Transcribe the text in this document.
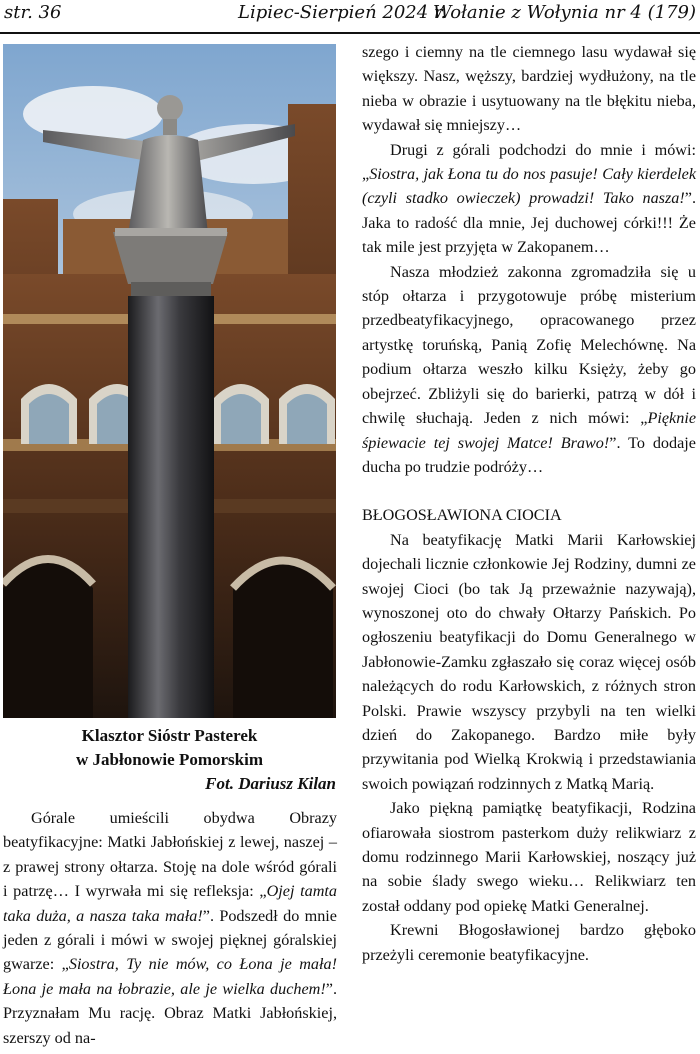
str. 36	Lipiec-Sierpień 2024 r.
Wołanie z Wołynia nr 4 (179)
Klasztor Sióstr Pasterek
w Jabłonowie Pomorskim
Fot. Dariusz Kilan

Górale umieścili obydwa Obrazy beatyfikacyjne: Matki Jabłońskiej z lewej, naszej – z prawej strony ołtarza. Stoję na dole wśród górali i patrzę… I wyrwała mi się refleksja: „Ojej tamta taka duża, a nasza taka mała!”. Podszedł do mnie jeden z górali i mówi w swojej pięknej góralskiej gwarze: „Siostra, Ty nie mów, co Łona je mała! Łona je mała na łobrazie, ale je wielka duchem!”. Przyznałam Mu rację. Obraz Matki Jabłońskiej, szerszy od na-

szego i ciemny na tle ciemnego lasu wydawał się większy. Nasz, węższy, bardziej wydłużony, na tle nieba w obrazie i usytuowany na tle błękitu nieba, wydawał się mniejszy…

Drugi z górali podchodzi do mnie i mówi: „Siostra, jak Łona tu do nos pasuje! Cały kierdelek (czyli stadko owieczek) prowadzi! Tako nasza!”. Jaka to radość dla mnie, Jej duchowej córki!!! Że tak mile jest przyjęta w Zakopanem…

Nasza młodzież zakonna zgromadziła się u stóp ołtarza i przygotowuje próbę misterium przedbeatyfikacyjnego, opracowanego przez artystkę toruńską, Panią Zofię Melechównę. Na podium ołtarza weszło kilku Księży, żeby go obejrzeć. Zbliżyli się do barierki, patrzą w dół i chwilę słuchają. Jeden z nich mówi: „Pięknie śpiewacie tej swojej Matce! Brawo!”. To dodaje ducha po trudzie podróży…

BŁOGOSŁAWIONA CIOCIA

Na beatyfikację Matki Marii Karłowskiej dojechali licznie członkowie Jej Rodziny, dumni ze swojej Cioci (bo tak Ją przeważnie nazywają), wynoszonej oto do chwały Ołtarzy Pańskich. Po ogłoszeniu beatyfikacji do Domu Generalnego w Jabłonowie-Zamku zgłaszało się coraz więcej osób należących do rodu Karłowskich, z różnych stron Polski. Prawie wszyscy przybyli na ten wielki dzień do Zakopanego. Bardzo miłe były przywitania pod Wielką Krokwią i przedstawiania swoich powiązań rodzinnych z Matką Marią.

Jako piękną pamiątkę beatyfikacji, Rodzina ofiarowała siostrom pasterkom duży relikwiarz z domu rodzinnego Marii Karłowskiej, noszący już na sobie ślady swego wieku… Relikwiarz ten został oddany pod opiekę Matki Generalnej.

Krewni Błogosławionej bardzo głęboko przeżyli ceremonie beatyfikacyjne.
